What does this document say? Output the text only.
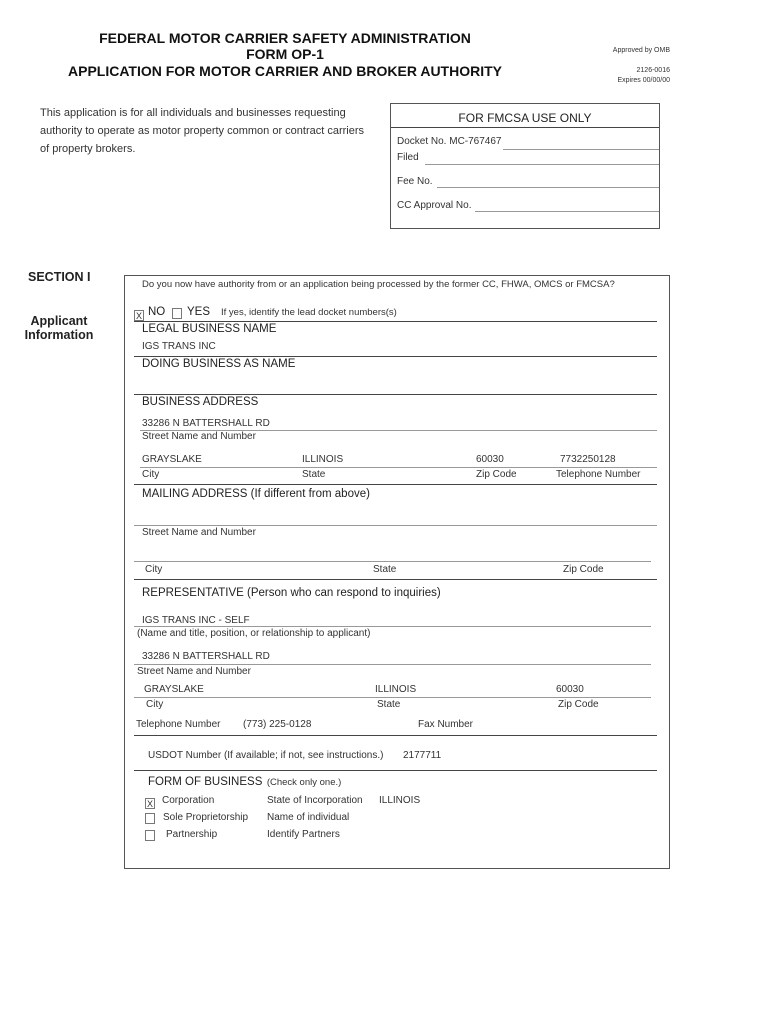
FEDERAL MOTOR CARRIER SAFETY ADMINISTRATION
FORM OP-1
APPLICATION FOR MOTOR CARRIER AND BROKER AUTHORITY
Approved by OMB
2126-0016
Expires 00/00/00
This application is for all individuals and businesses requesting authority to operate as motor property common or contract carriers of property brokers.
FOR FMCSA USE ONLY
Docket No. MC-767467
Filed
Fee No.
CC Approval No.
SECTION I
Applicant
Information
Do you now have authority from or an application being processed by the former CC, FHWA, OMCS or FMCSA?
X NO YES If yes, identify the lead docket numbers(s)
LEGAL BUSINESS NAME
IGS TRANS INC
DOING BUSINESS AS NAME
BUSINESS ADDRESS
33286 N BATTERSHALL RD
Street Name and Number
GRAYSLAKE	ILLINOIS	60030	7732250128
City	State	Zip Code	Telephone Number
MAILING ADDRESS (If different from above)
Street Name and Number
City	State	Zip Code
REPRESENTATIVE (Person who can respond to inquiries)
IGS TRANS INC - SELF
(Name and title, position, or relationship to applicant)
33286 N BATTERSHALL RD
Street Name and Number
GRAYSLAKE	ILLINOIS	60030
City	State	Zip Code
Telephone Number (773) 225-0128	Fax Number
USDOT Number (If available; if not, see instructions.) 2177711
FORM OF BUSINESS (Check only one.)
X Corporation	State of Incorporation ILLINOIS
Sole Proprietorship Name of individual
Partnership	Identify Partners
